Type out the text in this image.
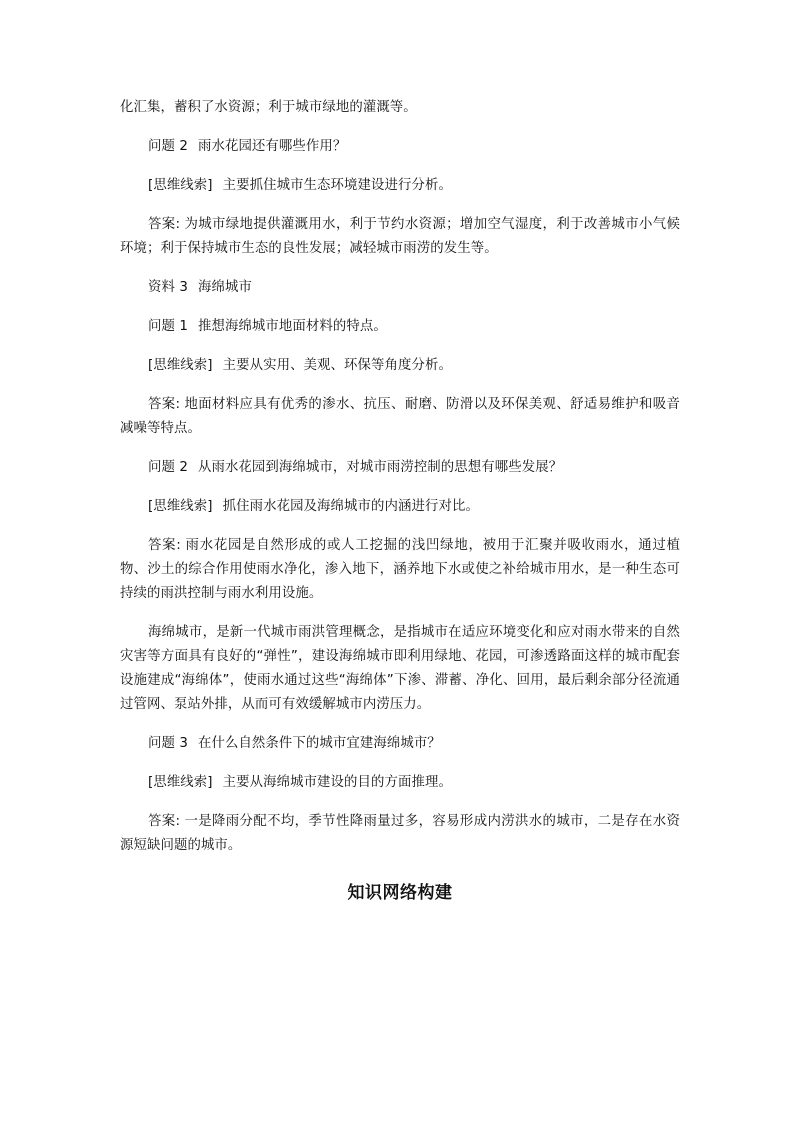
化汇集，蓄积了水资源；利于城市绿地的灌溉等。

问题 2 雨水花园还有哪些作用？

[思维线索] 主要抓住城市生态环境建设进行分析。

答案: 为城市绿地提供灌溉用水，利于节约水资源；增加空气湿度，利于改善城市小气候环境；利于保持城市生态的良性发展；减轻城市雨涝的发生等。

资料 3 海绵城市

问题 1 推想海绵城市地面材料的特点。

[思维线索] 主要从实用、美观、环保等角度分析。

答案: 地面材料应具有优秀的渗水、抗压、耐磨、防滑以及环保美观、舒适易维护和吸音减噪等特点。

问题 2 从雨水花园到海绵城市，对城市雨涝控制的思想有哪些发展？

[思维线索] 抓住雨水花园及海绵城市的内涵进行对比。

答案: 雨水花园是自然形成的或人工挖掘的浅凹绿地，被用于汇聚并吸收雨水，通过植物、沙土的综合作用使雨水净化，渗入地下，涵养地下水或使之补给城市用水，是一种生态可持续的雨洪控制与雨水利用设施。

海绵城市，是新一代城市雨洪管理概念，是指城市在适应环境变化和应对雨水带来的自然灾害等方面具有良好的“弹性”，建设海绵城市即利用绿地、花园，可渗透路面这样的城市配套设施建成“海绵体”，使雨水通过这些“海绵体”下渗、滞蓄、净化、回用，最后剩余部分径流通过管网、泵站外排，从而可有效缓解城市内涝压力。

问题 3 在什么自然条件下的城市宜建海绵城市？

[思维线索] 主要从海绵城市建设的目的方面推理。

答案: 一是降雨分配不均，季节性降雨量过多，容易形成内涝洪水的城市，二是存在水资源短缺问题的城市。

知识网络构建
